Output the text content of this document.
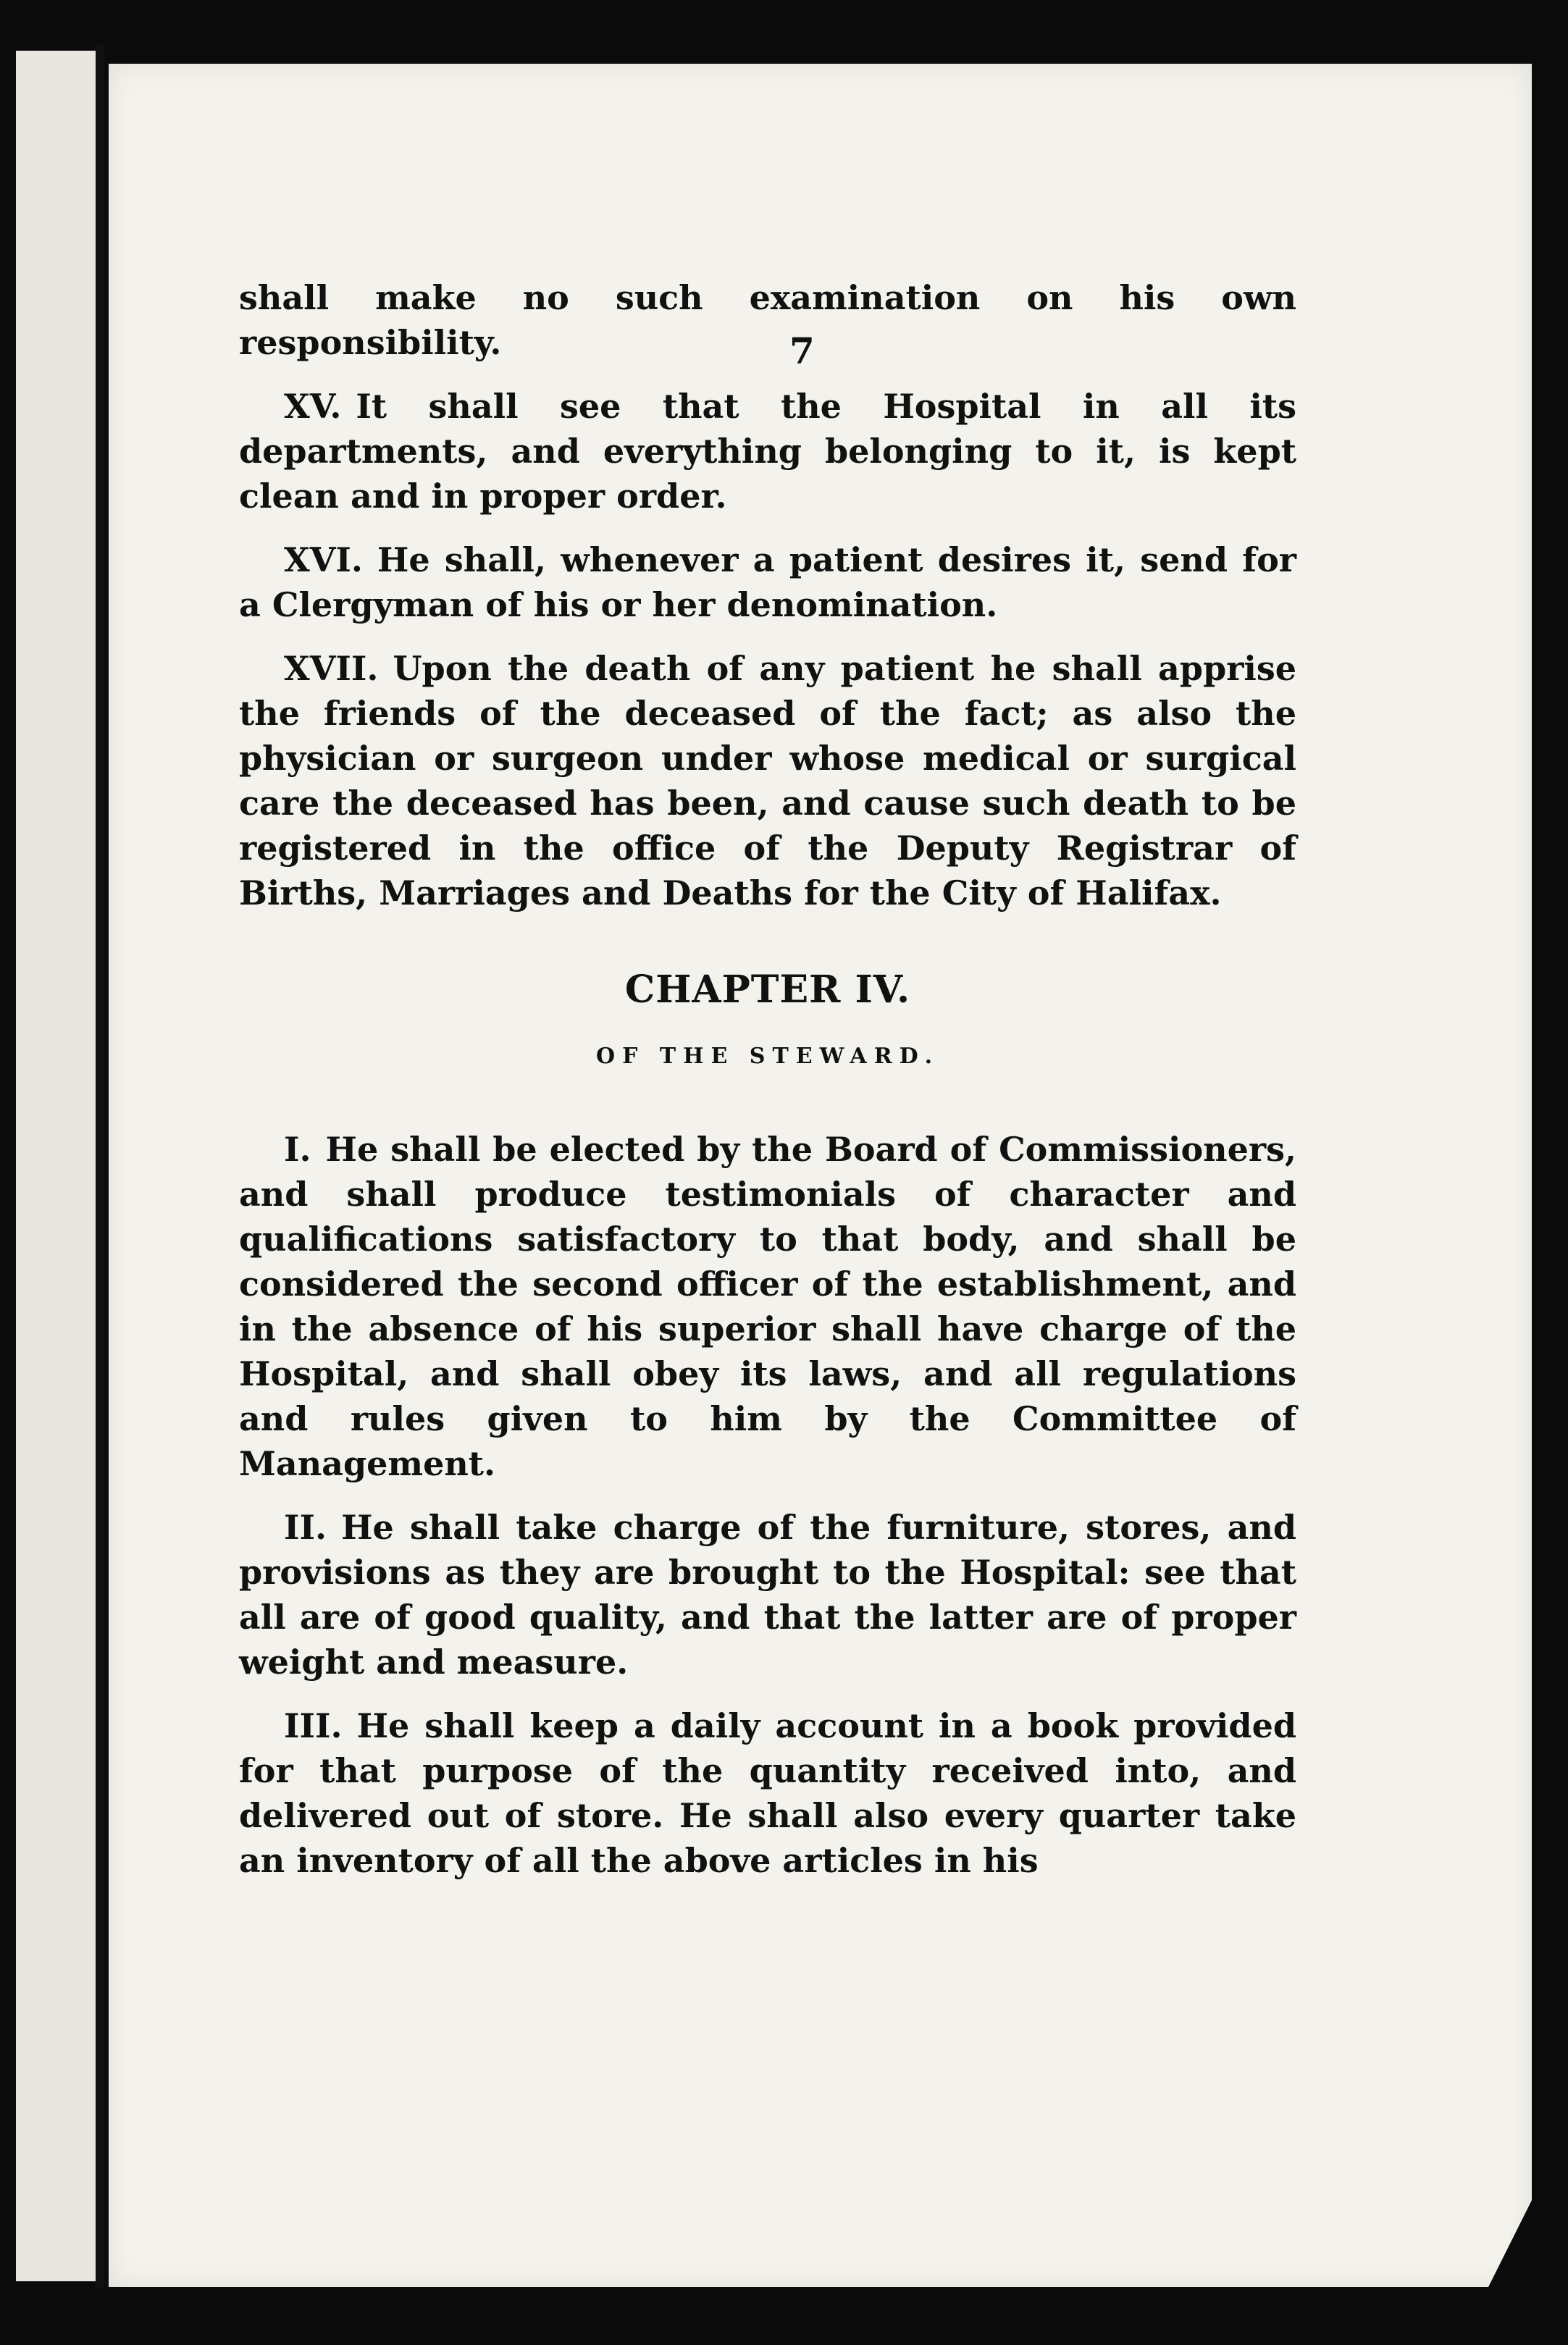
7

shall make no such examination on his own responsibility.

XV. It shall see that the Hospital in all its departments, and everything belonging to it, is kept clean and in proper order.

XVI. He shall, whenever a patient desires it, send for a Clergyman of his or her denomination.

XVII. Upon the death of any patient he shall apprise the friends of the deceased of the fact; as also the physician or surgeon under whose medical or surgical care the deceased has been, and cause such death to be registered in the office of the Deputy Registrar of Births, Marriages and Deaths for the City of Halifax.

CHAPTER IV.
OF THE STEWARD.

I. He shall be elected by the Board of Commissioners, and shall produce testimonials of character and qualifications satisfactory to that body, and shall be considered the second officer of the establishment, and in the absence of his superior shall have charge of the Hospital, and shall obey its laws, and all regulations and rules given to him by the Committee of Management.

II. He shall take charge of the furniture, stores, and provisions as they are brought to the Hospital: see that all are of good quality, and that the latter are of proper weight and measure.

III. He shall keep a daily account in a book provided for that purpose of the quantity received into, and delivered out of store. He shall also every quarter take an inventory of all the above articles in his
